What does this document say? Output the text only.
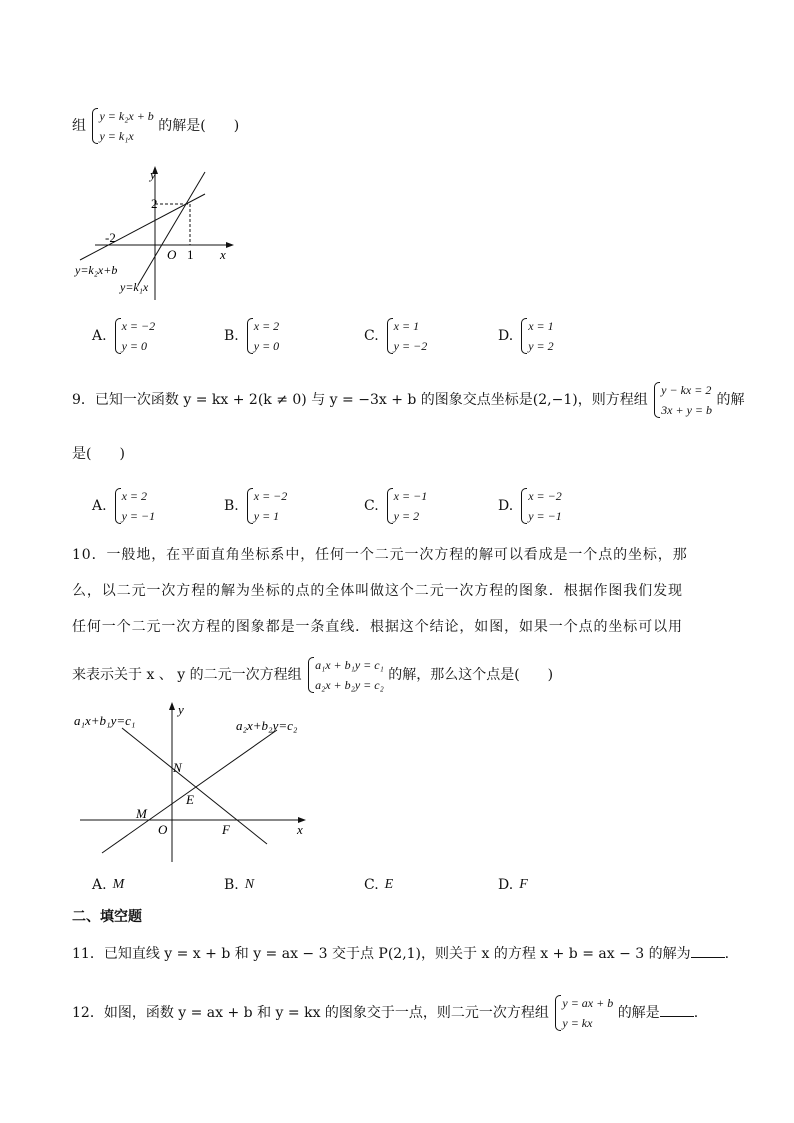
组
y = k₂x + b
y = k₁x
的解是(　　)
y
x
O
2
1
-2
y=k₂x+b
y=k₁x
A.
x = −2
y = 0
B.
x = 2
y = 0
C.
x = 1
y = −2
D.
x = 1
y = 2
9．已知一次函数 y = kx + 2(k ≠ 0) 与 y = −3x + b 的图象交点坐标是(2,−1)，则方程组
y − kx = 2
3x + y = b
的解
是(　　)
A.
x = 2
y = −1
B.
x = −2
y = 1
C.
x = −1
y = 2
D.
x = −2
y = −1
10．一般地，在平面直角坐标系中，任何一个二元一次方程的解可以看成是一个点的坐标，那
么，以二元一次方程的解为坐标的点的全体叫做这个二元一次方程的图象．根据作图我们发现
任何一个二元一次方程的图象都是一条直线．根据这个结论，如图，如果一个点的坐标可以用
来表示关于 x 、 y 的二元一次方程组
a₁x + b₁y = c₁
a₂x + b₂y = c₂
的解，那么这个点是(　　)
a₁x+b₁y=c₁	a₂x+b₂y=c₂
y
x
O
N
E
M
F
A. M	B. N	C. E	D. F
二、填空题
11．已知直线 y = x + b 和 y = ax − 3 交于点 P(2,1)，则关于 x 的方程 x + b = ax − 3 的解为 .
12．如图，函数 y = ax + b 和 y = kx 的图象交于一点，则二元一次方程组
y = ax + b
y = kx
的解是 .
